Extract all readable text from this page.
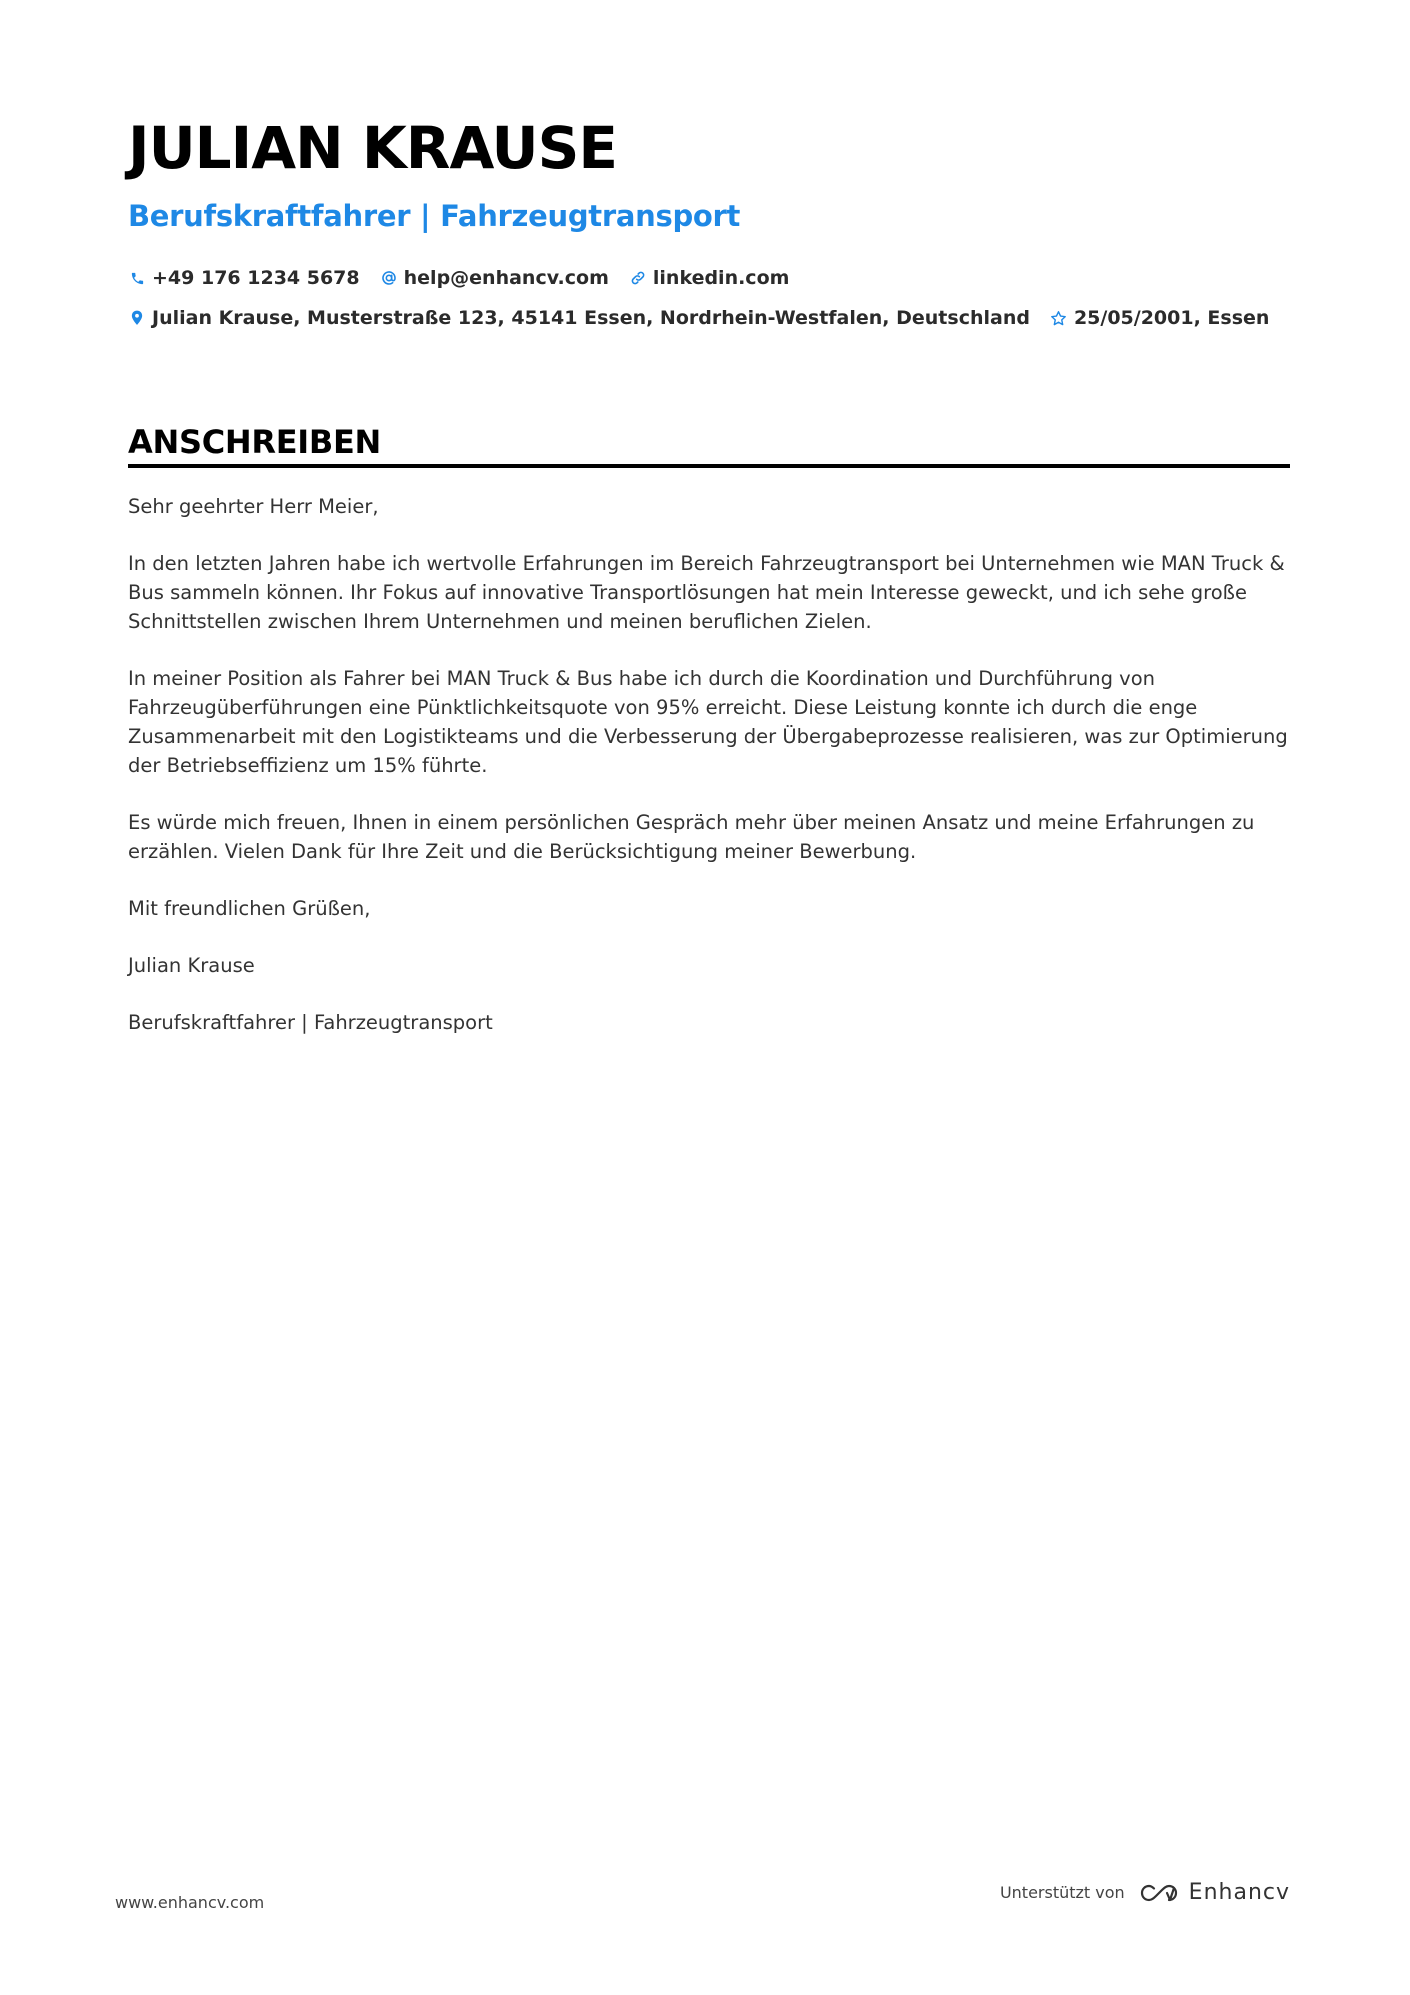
JULIAN KRAUSE
Berufskraftfahrer | Fahrzeugtransport
+49 176 1234 5678 help@enhancv.com linkedin.com
Julian Krause, Musterstraße 123, 45141 Essen, Nordrhein-Westfalen, Deutschland 25/05/2001, Essen
ANSCHREIBEN

Sehr geehrter Herr Meier,

In den letzten Jahren habe ich wertvolle Erfahrungen im Bereich Fahrzeugtransport bei Unternehmen wie MAN Truck & Bus sammeln können. Ihr Fokus auf innovative Transportlösungen hat mein Interesse geweckt, und ich sehe große Schnittstellen zwischen Ihrem Unternehmen und meinen beruflichen Zielen.

In meiner Position als Fahrer bei MAN Truck & Bus habe ich durch die Koordination und Durchführung von Fahrzeugüberführungen eine Pünktlichkeitsquote von 95% erreicht. Diese Leistung konnte ich durch die enge Zusammenarbeit mit den Logistikteams und die Verbesserung der Übergabeprozesse realisieren, was zur Optimierung der Betriebseffizienz um 15% führte.

Es würde mich freuen, Ihnen in einem persönlichen Gespräch mehr über meinen Ansatz und meine Erfahrungen zu erzählen. Vielen Dank für Ihre Zeit und die Berücksichtigung meiner Bewerbung.

Mit freundlichen Grüßen,

Julian Krause

Berufskraftfahrer | Fahrzeugtransport

www.enhancv.com
Unterstützt von	Enhancv
